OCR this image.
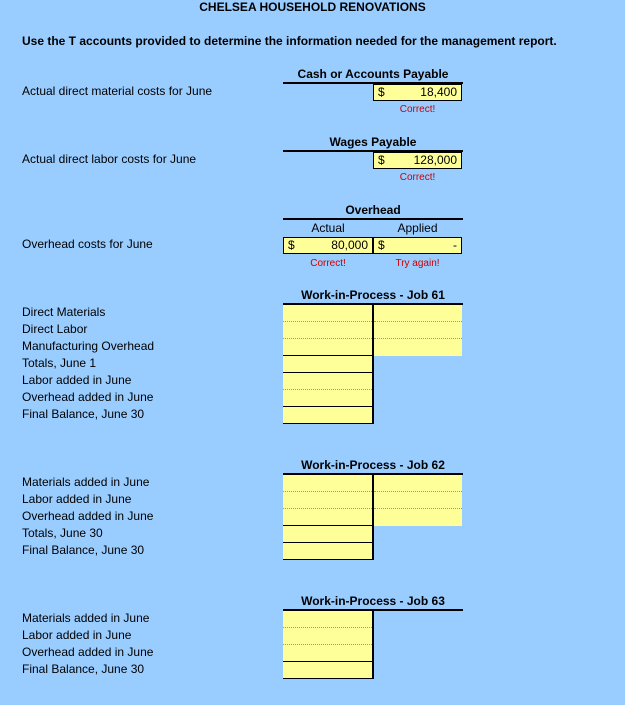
CHELSEA HOUSEHOLD RENOVATIONS
Use the T accounts provided to determine the information needed for the management report.
Actual direct material costs for June
Cash or Accounts Payable
$	18,400
Correct!
Actual direct labor costs for June
Wages Payable
$ 128,000
Correct!
Overhead costs for June
Overhead
Actual	Applied
$	80,000 $	-
Correct!	Try again!
Work-in-Process - Job 61
Direct Materials
Direct Labor
Manufacturing Overhead
Totals, June 1
Labor added in June
Overhead added in June
Final Balance, June 30
Work-in-Process - Job 62
Materials added in June
Labor added in June
Overhead added in June
Totals, June 30
Final Balance, June 30
Work-in-Process - Job 63
Materials added in June
Labor added in June
Overhead added in June
Final Balance, June 30
